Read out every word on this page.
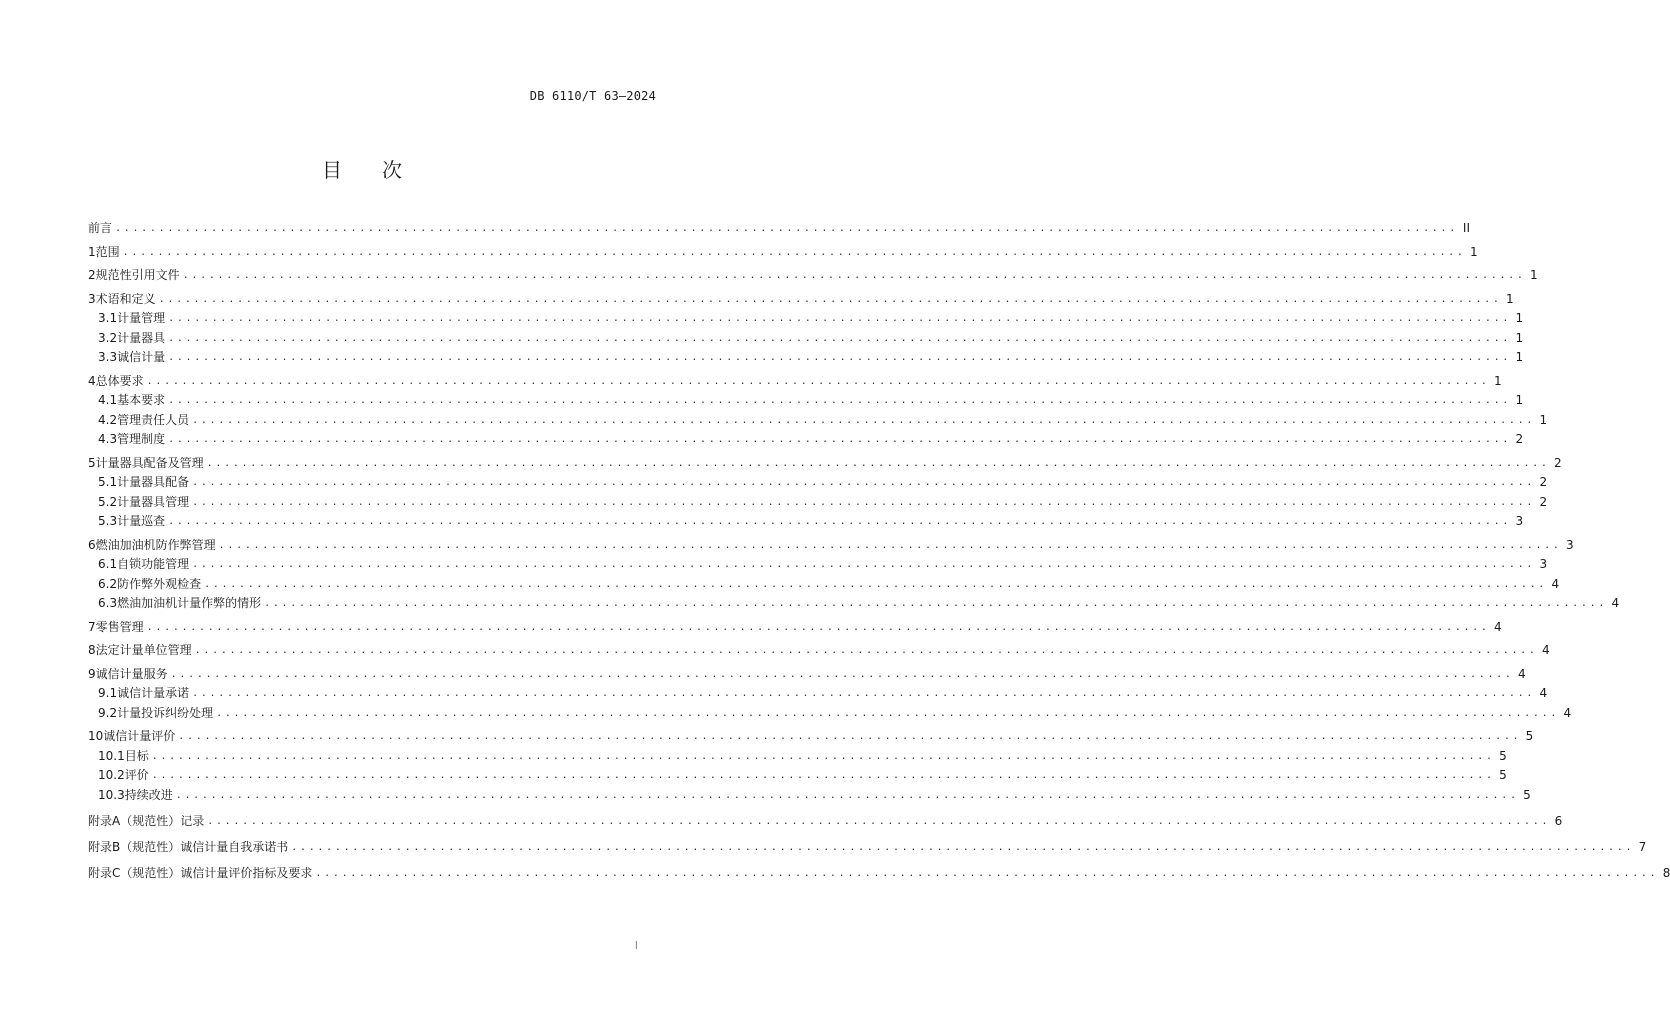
DB 6110/T 63—2024
目 次
前言 .......................................................................................................................................................... II
1 范围 .......................................................................................................................................................... 1
2 规范性引用文件 .......................................................................................................................................................... 1
3 术语和定义 .......................................................................................................................................................... 1
3.1 计量管理 .......................................................................................................................................................... 1
3.2 计量器具 .......................................................................................................................................................... 1
3.3 诚信计量 .......................................................................................................................................................... 1
4 总体要求 .......................................................................................................................................................... 1
4.1 基本要求 .......................................................................................................................................................... 1
4.2 管理责任人员 .......................................................................................................................................................... 1
4.3 管理制度 .......................................................................................................................................................... 2
5 计量器具配备及管理 .......................................................................................................................................................... 2
5.1 计量器具配备 .......................................................................................................................................................... 2
5.2 计量器具管理 .......................................................................................................................................................... 2
5.3 计量巡查 .......................................................................................................................................................... 3
6 燃油加油机防作弊管理 .......................................................................................................................................................... 3
6.1 自锁功能管理 .......................................................................................................................................................... 3
6.2 防作弊外观检查 .......................................................................................................................................................... 4
6.3 燃油加油机计量作弊的情形 .......................................................................................................................................................... 4
7 零售管理 .......................................................................................................................................................... 4
8 法定计量单位管理 .......................................................................................................................................................... 4
9 诚信计量服务 .......................................................................................................................................................... 4
9.1 诚信计量承诺 .......................................................................................................................................................... 4
9.2 计量投诉纠纷处理 .......................................................................................................................................................... 4
10 诚信计量评价 .......................................................................................................................................................... 5
10.1 目标 .......................................................................................................................................................... 5
10.2 评价 .......................................................................................................................................................... 5
10.3 持续改进 .......................................................................................................................................................... 5
附录A（规范性） 记录 .......................................................................................................................................................... 6
附录B（规范性） 诚信计量自我承诺书 .......................................................................................................................................................... 7
附录C（规范性） 诚信计量评价指标及要求 .......................................................................................................................................................... 8
I
